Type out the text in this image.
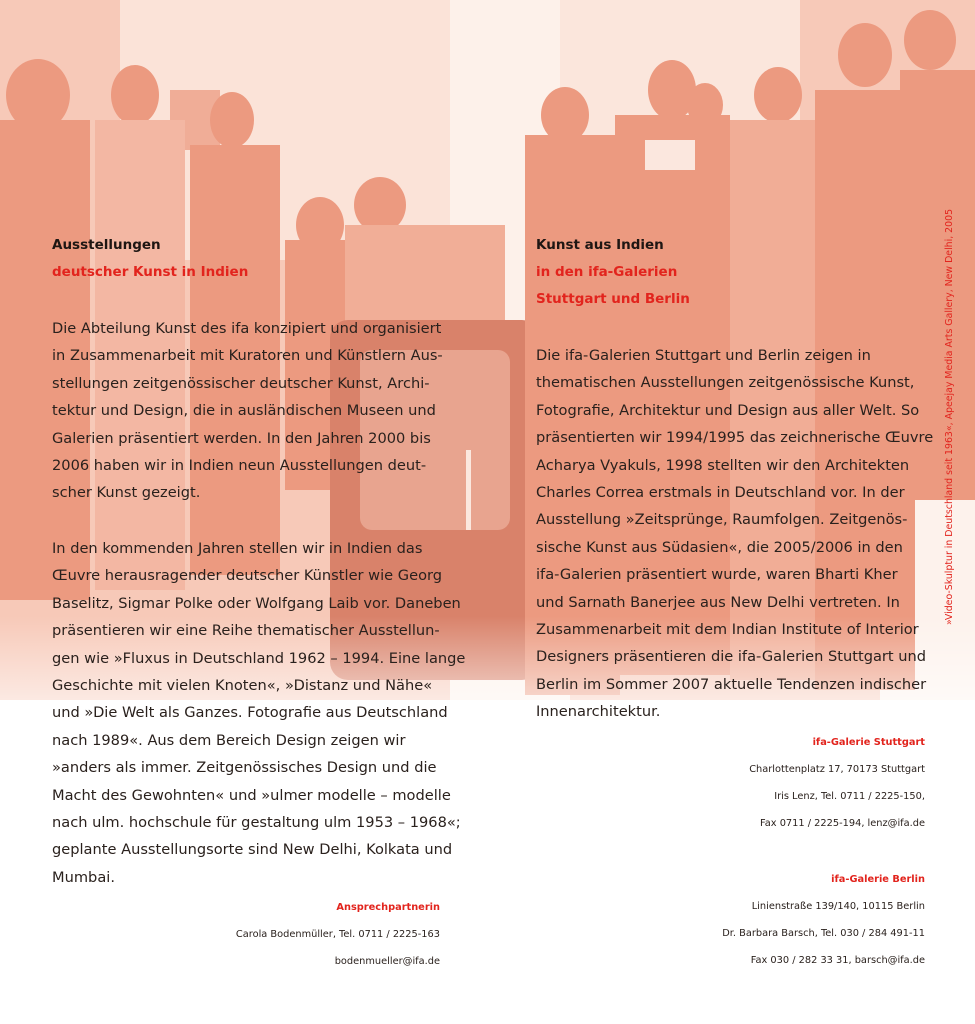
Ausstellungen
deutscher Kunst in Indien

Die Abteilung Kunst des ifa konzipiert und organisiert
in Zusammenarbeit mit Kuratoren und Künstlern Aus-
stellungen zeitgenössischer deutscher Kunst, Archi-
tektur und Design, die in ausländischen Museen und
Galerien präsentiert werden. In den Jahren 2000 bis
2006 haben wir in Indien neun Ausstellungen deut-
scher Kunst gezeigt.

In den kommenden Jahren stellen wir in Indien das
Œuvre herausragender deutscher Künstler wie Georg
Baselitz, Sigmar Polke oder Wolfgang Laib vor. Daneben
präsentieren wir eine Reihe thematischer Ausstellun-
gen wie »Fluxus in Deutschland 1962 – 1994. Eine lange
Geschichte mit vielen Knoten«, »Distanz und Nähe«
und »Die Welt als Ganzes. Fotografie aus Deutschland
nach 1989«. Aus dem Bereich Design zeigen wir
»anders als immer. Zeitgenössisches Design und die
Macht des Gewohnten« und »ulmer modelle – modelle
nach ulm. hochschule für gestaltung ulm 1953 – 1968«;
geplante Ausstellungsorte sind New Delhi, Kolkata und
Mumbai.

Ansprechpartnerin
Carola Bodenmüller, Tel. 0711 / 2225-163
bodenmueller@ifa.de
Kunst aus Indien
in den ifa-Galerien
Stuttgart und Berlin

Die ifa-Galerien Stuttgart und Berlin zeigen in
thematischen Ausstellungen zeitgenössische Kunst,
Fotografie, Architektur und Design aus aller Welt. So
präsentierten wir 1994/1995 das zeichnerische Œuvre
Acharya Vyakuls, 1998 stellten wir den Architekten
Charles Correa erstmals in Deutschland vor. In der
Ausstellung »Zeitsprünge, Raumfolgen. Zeitgenös-
sische Kunst aus Südasien«, die 2005/2006 in den
ifa-Galerien präsentiert wurde, waren Bharti Kher
und Sarnath Banerjee aus New Delhi vertreten. In
Zusammenarbeit mit dem Indian Institute of Interior
Designers präsentieren die ifa-Galerien Stuttgart und
Berlin im Sommer 2007 aktuelle Tendenzen indischer
Innenarchitektur.

ifa-Galerie Stuttgart
Charlottenplatz 17, 70173 Stuttgart
Iris Lenz, Tel. 0711 / 2225-150,
Fax 0711 / 2225-194, lenz@ifa.de
ifa-Galerie Berlin
Linienstraße 139/140, 10115 Berlin
Dr. Barbara Barsch, Tel. 030 / 284 491-11
Fax 030 / 282 33 31, barsch@ifa.de
»Video-Skulptur in Deutschland seit 1963«, Apeejay Media Arts Gallery, New Delhi, 2005
